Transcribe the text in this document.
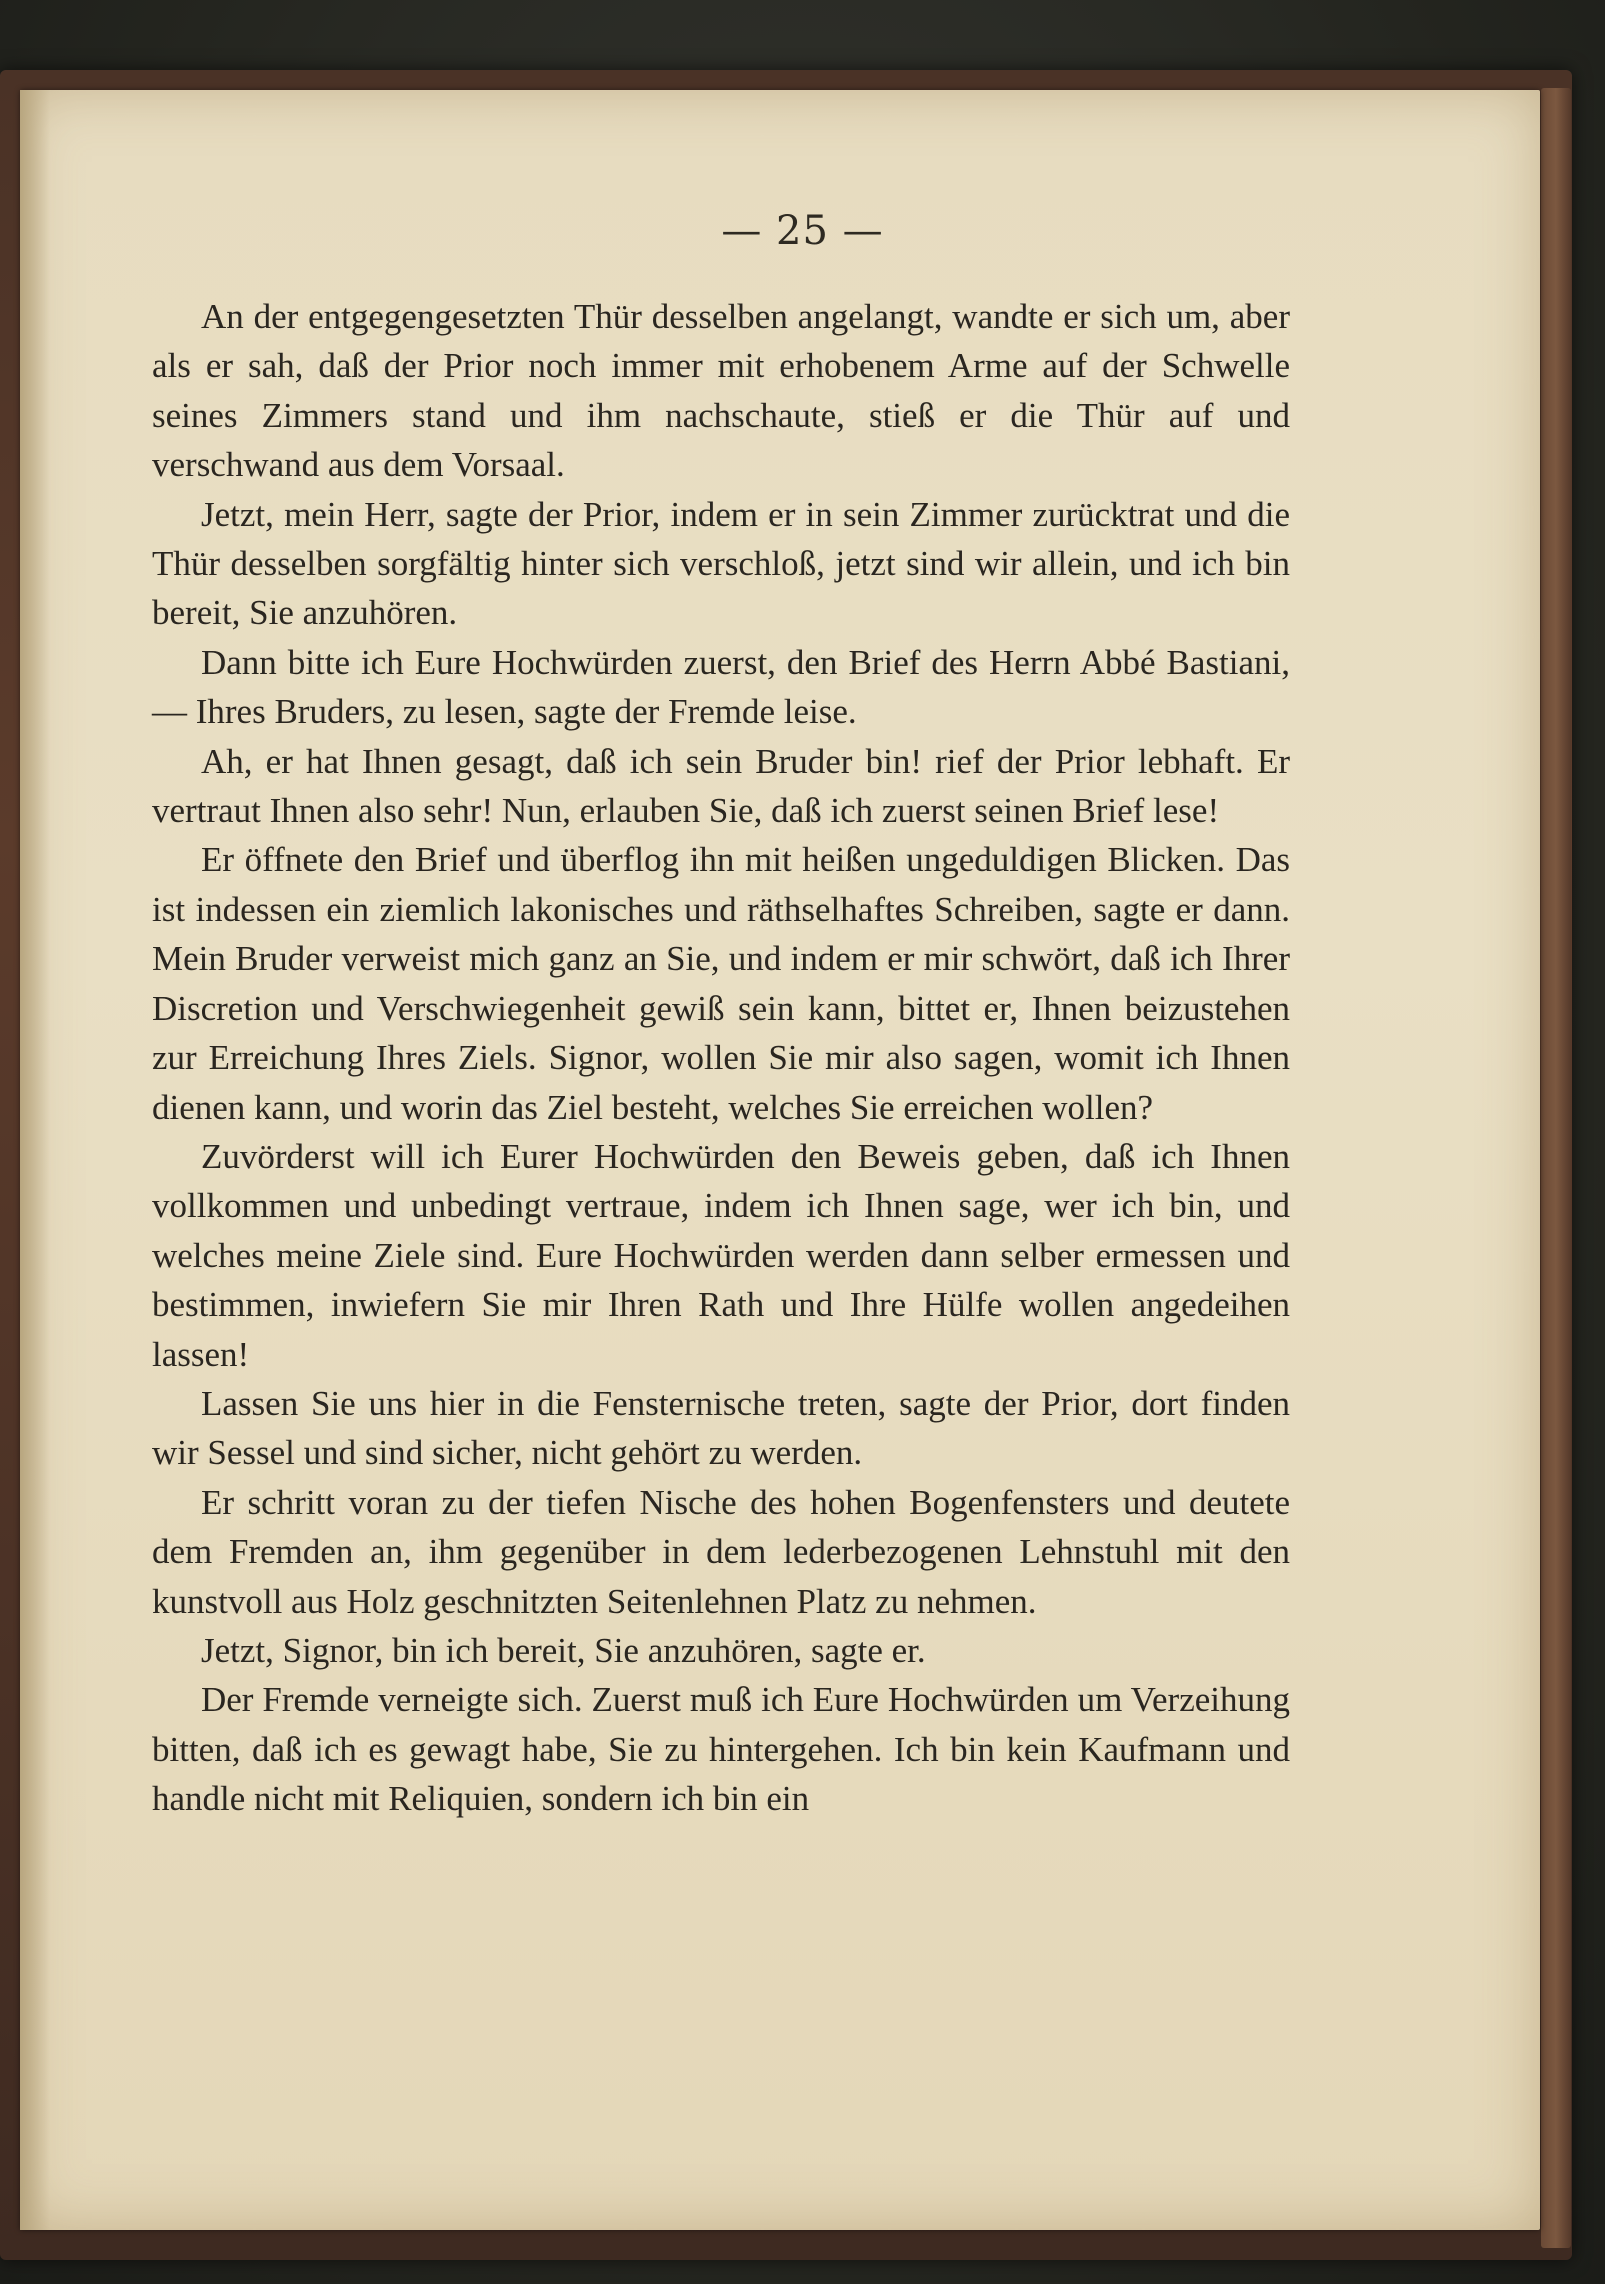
— 25 —

An der entgegengesetzten Thür desselben angelangt, wandte er sich um, aber als er sah, daß der Prior noch immer mit erhobenem Arme auf der Schwelle seines Zimmers stand und ihm nachschaute, stieß er die Thür auf und verschwand aus dem Vorsaal.

Jetzt, mein Herr, sagte der Prior, indem er in sein Zimmer zurücktrat und die Thür desselben sorgfältig hinter sich verschloß, jetzt sind wir allein, und ich bin bereit, Sie anzuhören.

Dann bitte ich Eure Hochwürden zuerst, den Brief des Herrn Abbé Bastiani, — Ihres Bruders, zu lesen, sagte der Fremde leise.

Ah, er hat Ihnen gesagt, daß ich sein Bruder bin! rief der Prior lebhaft. Er vertraut Ihnen also sehr! Nun, erlauben Sie, daß ich zuerst seinen Brief lese!

Er öffnete den Brief und überflog ihn mit heißen ungeduldigen Blicken. Das ist indessen ein ziemlich lakonisches und räthselhaftes Schreiben, sagte er dann. Mein Bruder verweist mich ganz an Sie, und indem er mir schwört, daß ich Ihrer Discretion und Verschwiegenheit gewiß sein kann, bittet er, Ihnen beizustehen zur Erreichung Ihres Ziels. Signor, wollen Sie mir also sagen, womit ich Ihnen dienen kann, und worin das Ziel besteht, welches Sie erreichen wollen?

Zuvörderst will ich Eurer Hochwürden den Beweis geben, daß ich Ihnen vollkommen und unbedingt vertraue, indem ich Ihnen sage, wer ich bin, und welches meine Ziele sind. Eure Hochwürden werden dann selber ermessen und bestimmen, inwiefern Sie mir Ihren Rath und Ihre Hülfe wollen angedeihen lassen!

Lassen Sie uns hier in die Fensternische treten, sagte der Prior, dort finden wir Sessel und sind sicher, nicht gehört zu werden.

Er schritt voran zu der tiefen Nische des hohen Bogenfensters und deutete dem Fremden an, ihm gegenüber in dem lederbezogenen Lehnstuhl mit den kunstvoll aus Holz geschnitzten Seitenlehnen Platz zu nehmen.

Jetzt, Signor, bin ich bereit, Sie anzuhören, sagte er.

Der Fremde verneigte sich. Zuerst muß ich Eure Hochwürden um Verzeihung bitten, daß ich es gewagt habe, Sie zu hintergehen. Ich bin kein Kaufmann und handle nicht mit Reliquien, sondern ich bin ein
